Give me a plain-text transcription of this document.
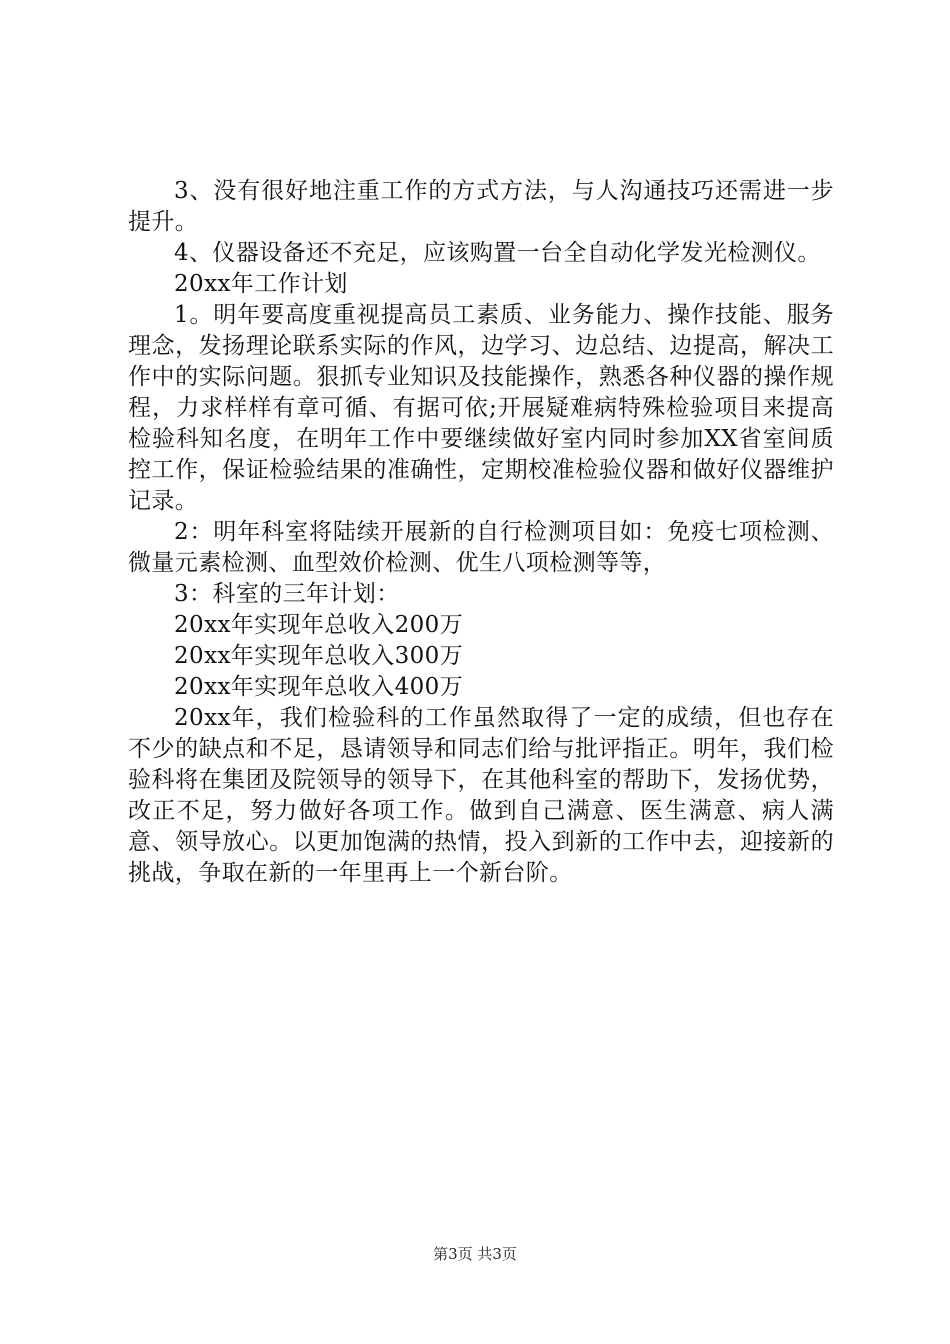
3、没有很好地注重工作的方式方法，与人沟通技巧还需进一步提升。

4、仪器设备还不充足，应该购置一台全自动化学发光检测仪。

20xx年工作计划

1。明年要高度重视提高员工素质、业务能力、操作技能、服务理念，发扬理论联系实际的作风，边学习、边总结、边提高，解决工作中的实际问题。狠抓专业知识及技能操作，熟悉各种仪器的操作规程，力求样样有章可循、有据可依;开展疑难病特殊检验项目来提高检验科知名度，在明年工作中要继续做好室内同时参加XX省室间质控工作，保证检验结果的准确性，定期校准检验仪器和做好仪器维护记录。

2：明年科室将陆续开展新的自行检测项目如：免疫七项检测、微量元素检测、血型效价检测、优生八项检测等等，

3：科室的三年计划：

20xx年实现年总收入200万

20xx年实现年总收入300万

20xx年实现年总收入400万

20xx年，我们检验科的工作虽然取得了一定的成绩，但也存在不少的缺点和不足，恳请领导和同志们给与批评指正。明年，我们检验科将在集团及院领导的领导下，在其他科室的帮助下，发扬优势，改正不足，努力做好各项工作。做到自己满意、医生满意、病人满意、领导放心。以更加饱满的热情，投入到新的工作中去，迎接新的挑战，争取在新的一年里再上一个新台阶。

第3页 共3页
